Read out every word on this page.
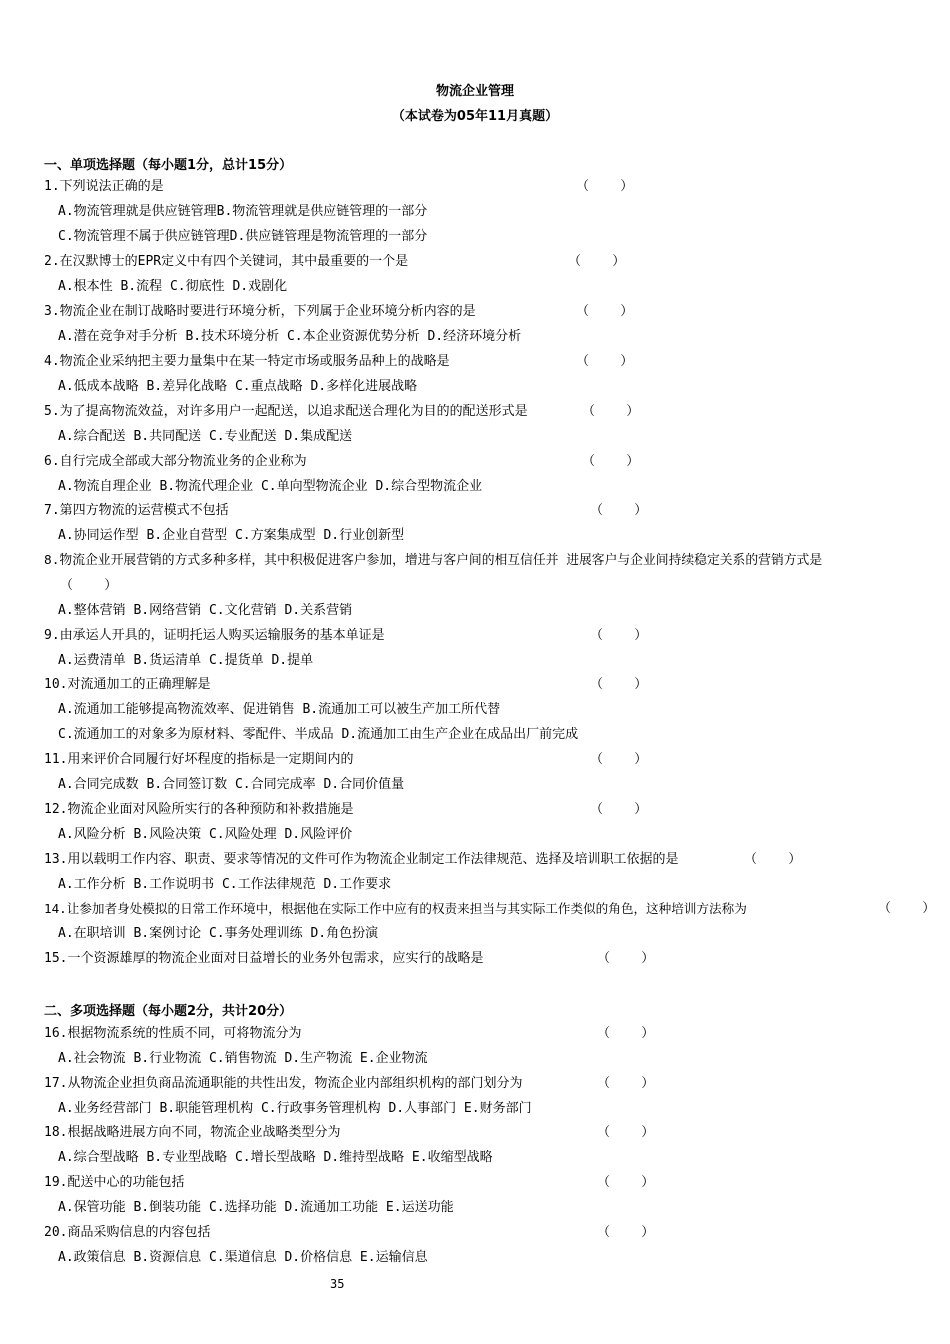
物流企业管理
（本试卷为05年11月真题）
一、单项选择题（每小题1分，总计15分）
1.下列说法正确的是	（    ）
A.物流管理就是供应链管理B.物流管理就是供应链管理的一部分
C.物流管理不属于供应链管理D.供应链管理是物流管理的一部分
2.在汉默博士的EPR定义中有四个关键词，其中最重要的一个是	（    ）
A.根本性 B.流程 C.彻底性 D.戏剧化
3.物流企业在制订战略时要进行环境分析，下列属于企业环境分析内容的是	（    ）
A.潜在竞争对手分析 B.技术环境分析 C.本企业资源优势分析 D.经济环境分析
4.物流企业采纳把主要力量集中在某一特定市场或服务品种上的战略是	（    ）
A.低成本战略 B.差异化战略 C.重点战略 D.多样化进展战略
5.为了提高物流效益，对许多用户一起配送，以追求配送合理化为目的的配送形式是	（    ）
A.综合配送 B.共同配送 C.专业配送 D.集成配送
6.自行完成全部或大部分物流业务的企业称为	（    ）
A.物流自理企业 B.物流代理企业 C.单向型物流企业 D.综合型物流企业
7.第四方物流的运营模式不包括	（    ）
A.协同运作型 B.企业自营型 C.方案集成型 D.行业创新型
8.物流企业开展营销的方式多种多样，其中积极促进客户参加，增进与客户间的相互信任并 进展客户与企业间持续稳定关系的营销方式是
（    ）
A.整体营销 B.网络营销 C.文化营销 D.关系营销
9.由承运人开具的，证明托运人购买运输服务的基本单证是	（    ）
A.运费清单 B.货运清单 C.提货单 D.提单
10.对流通加工的正确理解是	（    ）
A.流通加工能够提高物流效率、促进销售 B.流通加工可以被生产加工所代替
C.流通加工的对象多为原材料、零配件、半成品 D.流通加工由生产企业在成品出厂前完成
11.用来评价合同履行好坏程度的指标是一定期间内的	（    ）
A.合同完成数 B.合同签订数 C.合同完成率 D.合同价值量
12.物流企业面对风险所实行的各种预防和补救措施是	（    ）
A.风险分析 B.风险决策 C.风险处理 D.风险评价
13.用以载明工作内容、职责、要求等情况的文件可作为物流企业制定工作法律规范、选择及培训职工依据的是	（    ）
A.工作分析 B.工作说明书 C.工作法律规范 D.工作要求
14.让参加者身处模拟的日常工作环境中，根据他在实际工作中应有的权责来担当与其实际工作类似的角色，这种培训方法称为	（    ）
A.在职培训 B.案例讨论 C.事务处理训练 D.角色扮演
15.一个资源雄厚的物流企业面对日益增长的业务外包需求，应实行的战略是	（    ）
二、多项选择题（每小题2分，共计20分）
16.根据物流系统的性质不同，可将物流分为	（    ）
A.社会物流 B.行业物流 C.销售物流 D.生产物流 E.企业物流
17.从物流企业担负商品流通职能的共性出发，物流企业内部组织机构的部门划分为	（    ）
A.业务经营部门 B.职能管理机构 C.行政事务管理机构 D.人事部门 E.财务部门
18.根据战略进展方向不同，物流企业战略类型分为	（    ）
A.综合型战略 B.专业型战略 C.增长型战略 D.维持型战略 E.收缩型战略
19.配送中心的功能包括	（    ）
A.保管功能 B.倒装功能 C.选择功能 D.流通加工功能 E.运送功能
20.商品采购信息的内容包括	（    ）
A.政策信息 B.资源信息 C.渠道信息 D.价格信息 E.运输信息
35
